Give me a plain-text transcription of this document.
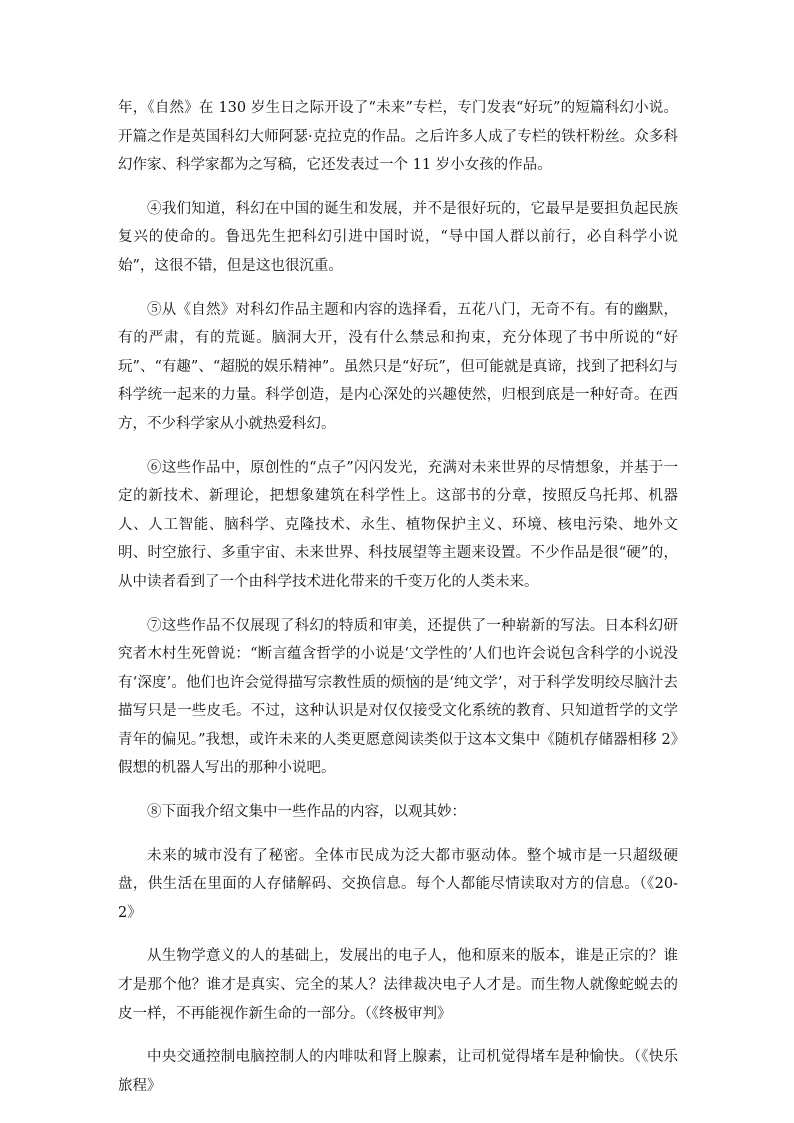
年，《自然》在 130 岁生日之际开设了“未来”专栏，专门发表“好玩”的短篇科幻小说。开篇之作是英国科幻大师阿瑟·克拉克的作品。之后许多人成了专栏的铁杆粉丝。众多科幻作家、科学家都为之写稿，它还发表过一个 11 岁小女孩的作品。

④我们知道，科幻在中国的诞生和发展，并不是很好玩的，它最早是要担负起民族复兴的使命的。鲁迅先生把科幻引进中国时说，“导中国人群以前行，必自科学小说始”，这很不错，但是这也很沉重。

⑤从《自然》对科幻作品主题和内容的选择看，五花八门，无奇不有。有的幽默，有的严肃，有的荒诞。脑洞大开，没有什么禁忌和拘束，充分体现了书中所说的“好玩”、“有趣”、“超脱的娱乐精神”。虽然只是“好玩”，但可能就是真谛，找到了把科幻与科学统一起来的力量。科学创造，是内心深处的兴趣使然，归根到底是一种好奇。在西方，不少科学家从小就热爱科幻。

⑥这些作品中，原创性的“点子”闪闪发光，充满对未来世界的尽情想象，并基于一定的新技术、新理论，把想象建筑在科学性上。这部书的分章，按照反乌托邦、机器人、人工智能、脑科学、克隆技术、永生、植物保护主义、环境、核电污染、地外文明、时空旅行、多重宇宙、未来世界、科技展望等主题来设置。不少作品是很“硬”的，从中读者看到了一个由科学技术进化带来的千变万化的人类未来。

⑦这些作品不仅展现了科幻的特质和审美，还提供了一种崭新的写法。日本科幻研究者木村生死曾说：“断言蕴含哲学的小说是‘文学性的’人们也许会说包含科学的小说没有‘深度’。他们也许会觉得描写宗教性质的烦恼的是‘纯文学’，对于科学发明绞尽脑汁去描写只是一些皮毛。不过，这种认识是对仅仅接受文化系统的教育、只知道哲学的文学青年的偏见。”我想，或许未来的人类更愿意阅读类似于这本文集中《随机存储器相移 2》假想的机器人写出的那种小说吧。

⑧下面我介绍文集中一些作品的内容，以观其妙：

未来的城市没有了秘密。全体市民成为泛大都市驱动体。整个城市是一只超级硬盘，供生活在里面的人存储解码、交换信息。每个人都能尽情读取对方的信息。（《20-2》

从生物学意义的人的基础上，发展出的电子人，他和原来的版本，谁是正宗的？谁才是那个他？谁才是真实、完全的某人？法律裁决电子人才是。而生物人就像蛇蜕去的皮一样，不再能视作新生命的一部分。（《终极审判》

中央交通控制电脑控制人的内啡呔和肾上腺素，让司机觉得堵车是种愉快。（《快乐旅程》
